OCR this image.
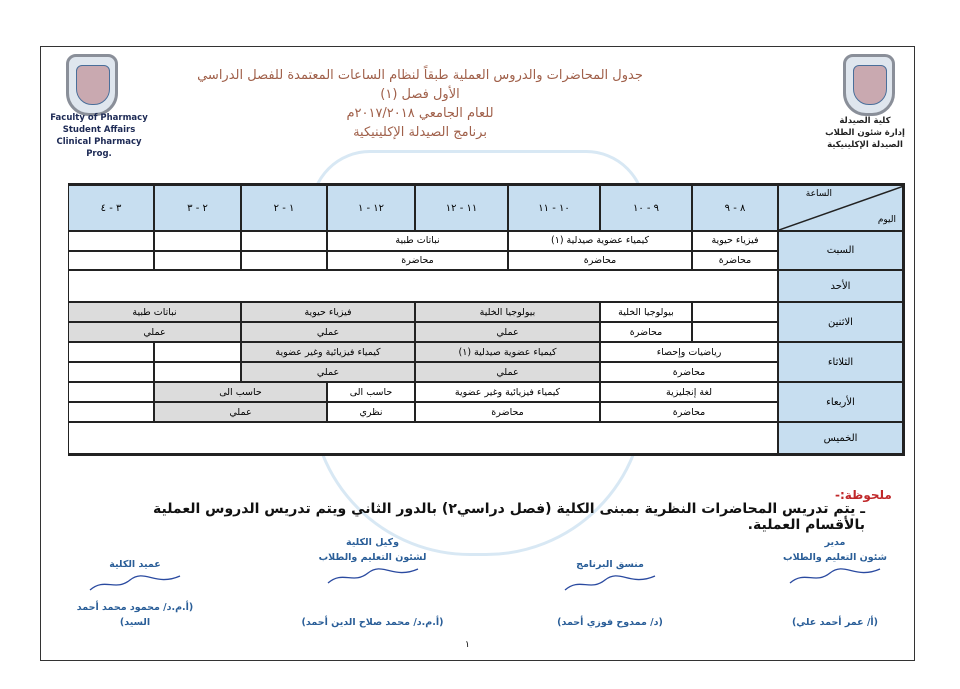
Faculty of Pharmacy
Student Affairs
Clinical Pharmacy Prog.
كلية الصيدلة
إدارة شئون الطلاب
الصيدلة الإكلينيكية
جدول المحاضرات والدروس العملية طبقاً لنظام الساعات المعتمدة للفصل الدراسي الأول فصل (١)
للعام الجامعي ٢٠١٧/٢٠١٨م
برنامج الصيدلة الإكلينيكية
الساعة
اليوم
٨ - ٩
٩ - ١٠
١٠ - ١١
١١ - ١٢
١٢ - ١
١ - ٢
٢ - ٣
٣ - ٤
السبت
فيزياء حيوية
محاضرة
كيمياء عضوية صيدلية (١)
محاضرة
نباتات طبية
محاضرة
الأحد
الاثنين
بيولوجيا الخلية
محاضرة
بيولوجيا الخلية
عملي
فيزياء حيوية
عملي
نباتات طبية
عملي
الثلاثاء
رياضيات وإحصاء
محاضرة
كيمياء عضوية صيدلية (١)
عملي
كيمياء فيزيائية وغير عضوية
عملي
الأربعاء
لغة إنجليزية
محاضرة
كيمياء فيزيائية وغير عضوية
محاضرة
حاسب الى
نظري
حاسب الى
عملي
الخميس
ملحوظة:-
ـ يتم تدريس المحاضرات النظرية بمبنى الكلية (فصل دراسي٢) بالدور الثاني ويتم تدريس الدروس العملية بالأقسام العملية.
مدير
شئون التعليم والطلاب
(أ/ عمر أحمد علي)
منسق البرنامج
(د/ ممدوح فوزي أحمد)
وكيل الكلية
لشئون التعليم والطلاب
(أ.م.د/ محمد صلاح الدين أحمد)
عميد الكلية
(أ.م.د/ محمود محمد أحمد السيد)
١
